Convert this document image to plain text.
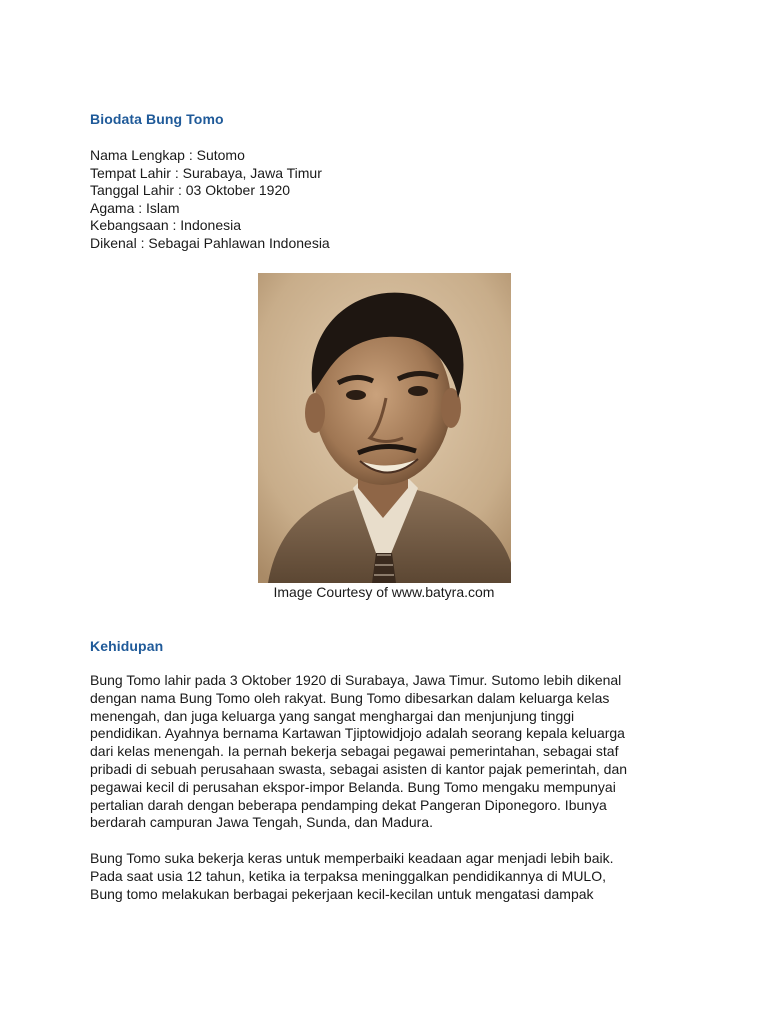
Biodata Bung Tomo
Nama Lengkap : Sutomo
Tempat Lahir : Surabaya, Jawa Timur
Tanggal Lahir : 03 Oktober 1920
Agama : Islam
Kebangsaan : Indonesia
Dikenal : Sebagai Pahlawan Indonesia
Image Courtesy of www.batyra.com
Kehidupan

Bung Tomo lahir pada 3 Oktober 1920 di Surabaya, Jawa Timur. Sutomo lebih dikenal
dengan nama Bung Tomo oleh rakyat. Bung Tomo dibesarkan dalam keluarga kelas
menengah, dan juga keluarga yang sangat menghargai dan menjunjung tinggi
pendidikan. Ayahnya bernama Kartawan Tjiptowidjojo adalah seorang kepala keluarga
dari kelas menengah. Ia pernah bekerja sebagai pegawai pemerintahan, sebagai staf
pribadi di sebuah perusahaan swasta, sebagai asisten di kantor pajak pemerintah, dan
pegawai kecil di perusahan ekspor-impor Belanda. Bung Tomo mengaku mempunyai
pertalian darah dengan beberapa pendamping dekat Pangeran Diponegoro. Ibunya
berdarah campuran Jawa Tengah, Sunda, dan Madura.

Bung Tomo suka bekerja keras untuk memperbaiki keadaan agar menjadi lebih baik.
Pada saat usia 12 tahun, ketika ia terpaksa meninggalkan pendidikannya di MULO,
Bung tomo melakukan berbagai pekerjaan kecil-kecilan untuk mengatasi dampak
